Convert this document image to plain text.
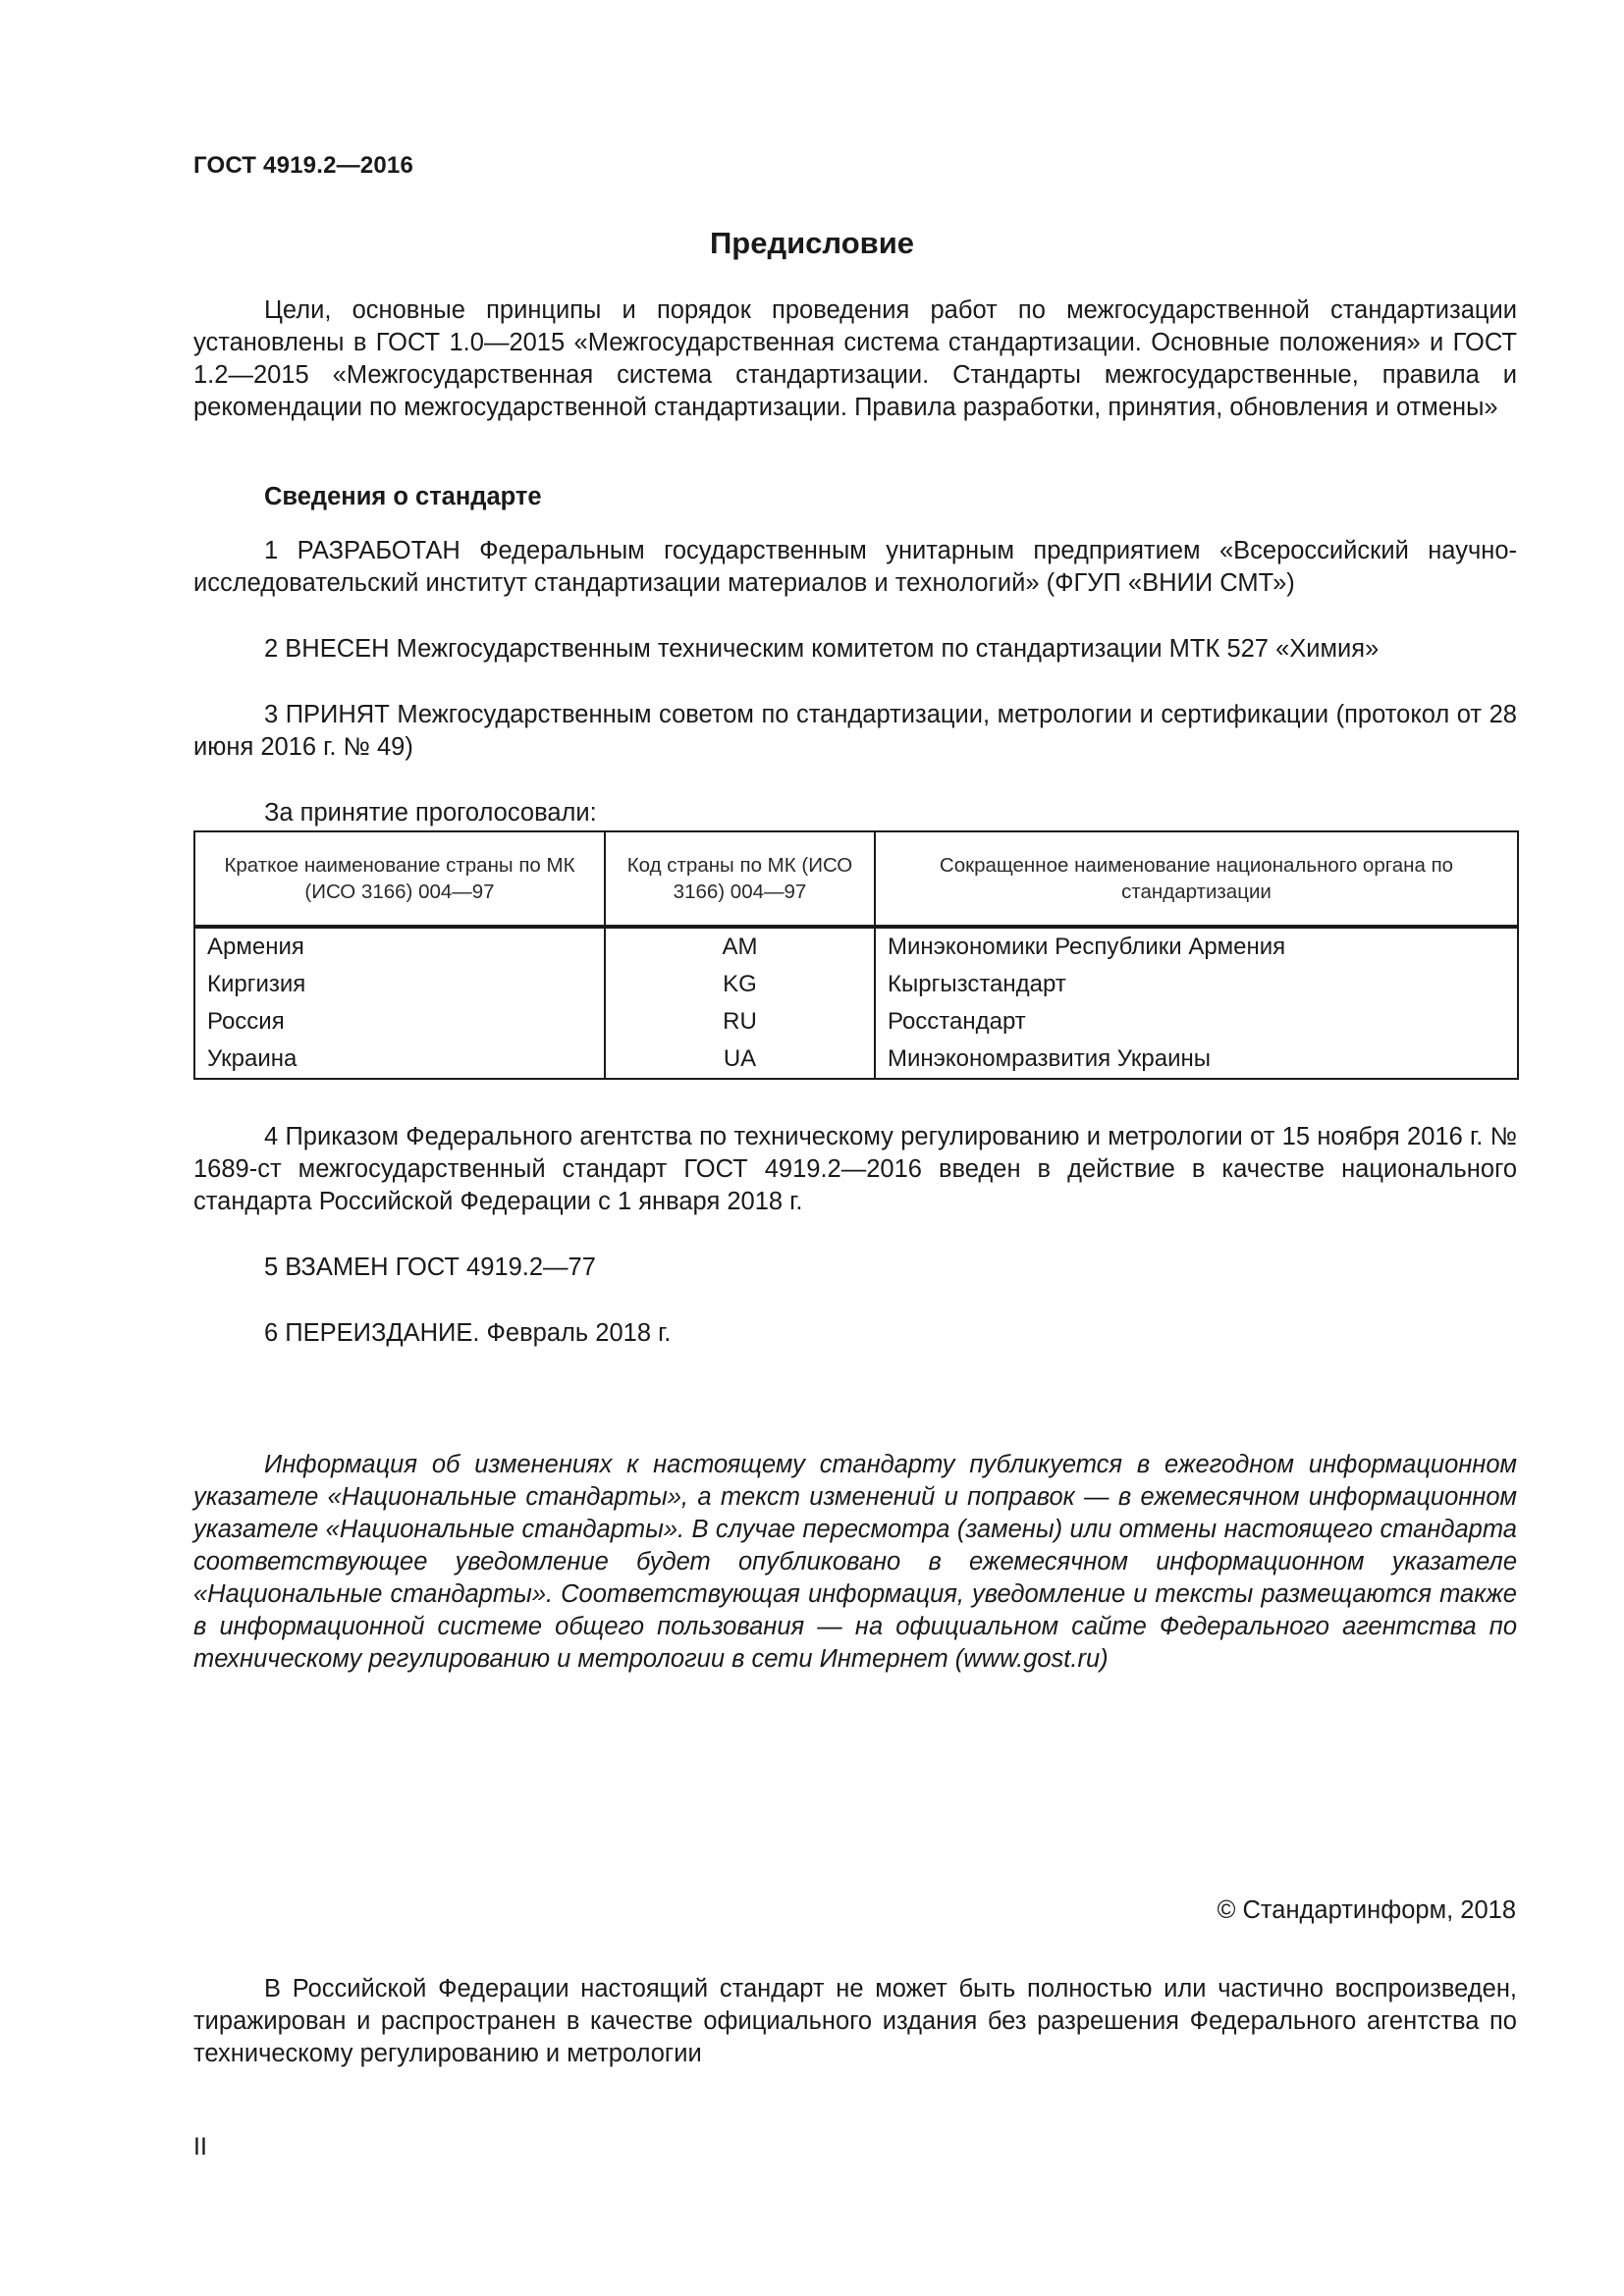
ГОСТ 4919.2—2016
Предисловие
Цели, основные принципы и порядок проведения работ по межгосударственной стандартизации установлены в ГОСТ 1.0—2015 «Межгосударственная система стандартизации. Основные положения» и ГОСТ 1.2—2015 «Межгосударственная система стандартизации. Стандарты межгосударственные, правила и рекомендации по межгосударственной стандартизации. Правила разработки, принятия, обновления и отмены»
Сведения о стандарте
1 РАЗРАБОТАН Федеральным государственным унитарным предприятием «Всероссийский научно-исследовательский институт стандартизации материалов и технологий» (ФГУП «ВНИИ СМТ»)
2 ВНЕСЕН Межгосударственным техническим комитетом по стандартизации МТК 527 «Химия»
3 ПРИНЯТ Межгосударственным советом по стандартизации, метрологии и сертификации (протокол от 28 июня 2016 г. № 49)
За принятие проголосовали:
Краткое наименование страны по МК (ИСО 3166) 004—97	Код страны по МК (ИСО 3166) 004—97	Сокращенное наименование национального органа по стандартизации
Армения	AM	Минэкономики Республики Армения
Киргизия	KG	Кыргызстандарт
Россия	RU	Росстандарт
Украина	UA	Минэкономразвития Украины
4 Приказом Федерального агентства по техническому регулированию и метрологии от 15 ноября 2016 г. № 1689-ст межгосударственный стандарт ГОСТ 4919.2—2016 введен в действие в качестве национального стандарта Российской Федерации с 1 января 2018 г.
5 ВЗАМЕН ГОСТ 4919.2—77
6 ПЕРЕИЗДАНИЕ. Февраль 2018 г.
Информация об изменениях к настоящему стандарту публикуется в ежегодном информационном указателе «Национальные стандарты», а текст изменений и поправок — в ежемесячном информационном указателе «Национальные стандарты». В случае пересмотра (замены) или отмены настоящего стандарта соответствующее уведомление будет опубликовано в ежемесячном информационном указателе «Национальные стандарты». Соответствующая информация, уведомление и тексты размещаются также в информационной системе общего пользования — на официальном сайте Федерального агентства по техническому регулированию и метрологии в сети Интернет (www.gost.ru)
© Стандартинформ, 2018
В Российской Федерации настоящий стандарт не может быть полностью или частично воспроизведен, тиражирован и распространен в качестве официального издания без разрешения Федерального агентства по техническому регулированию и метрологии
II
